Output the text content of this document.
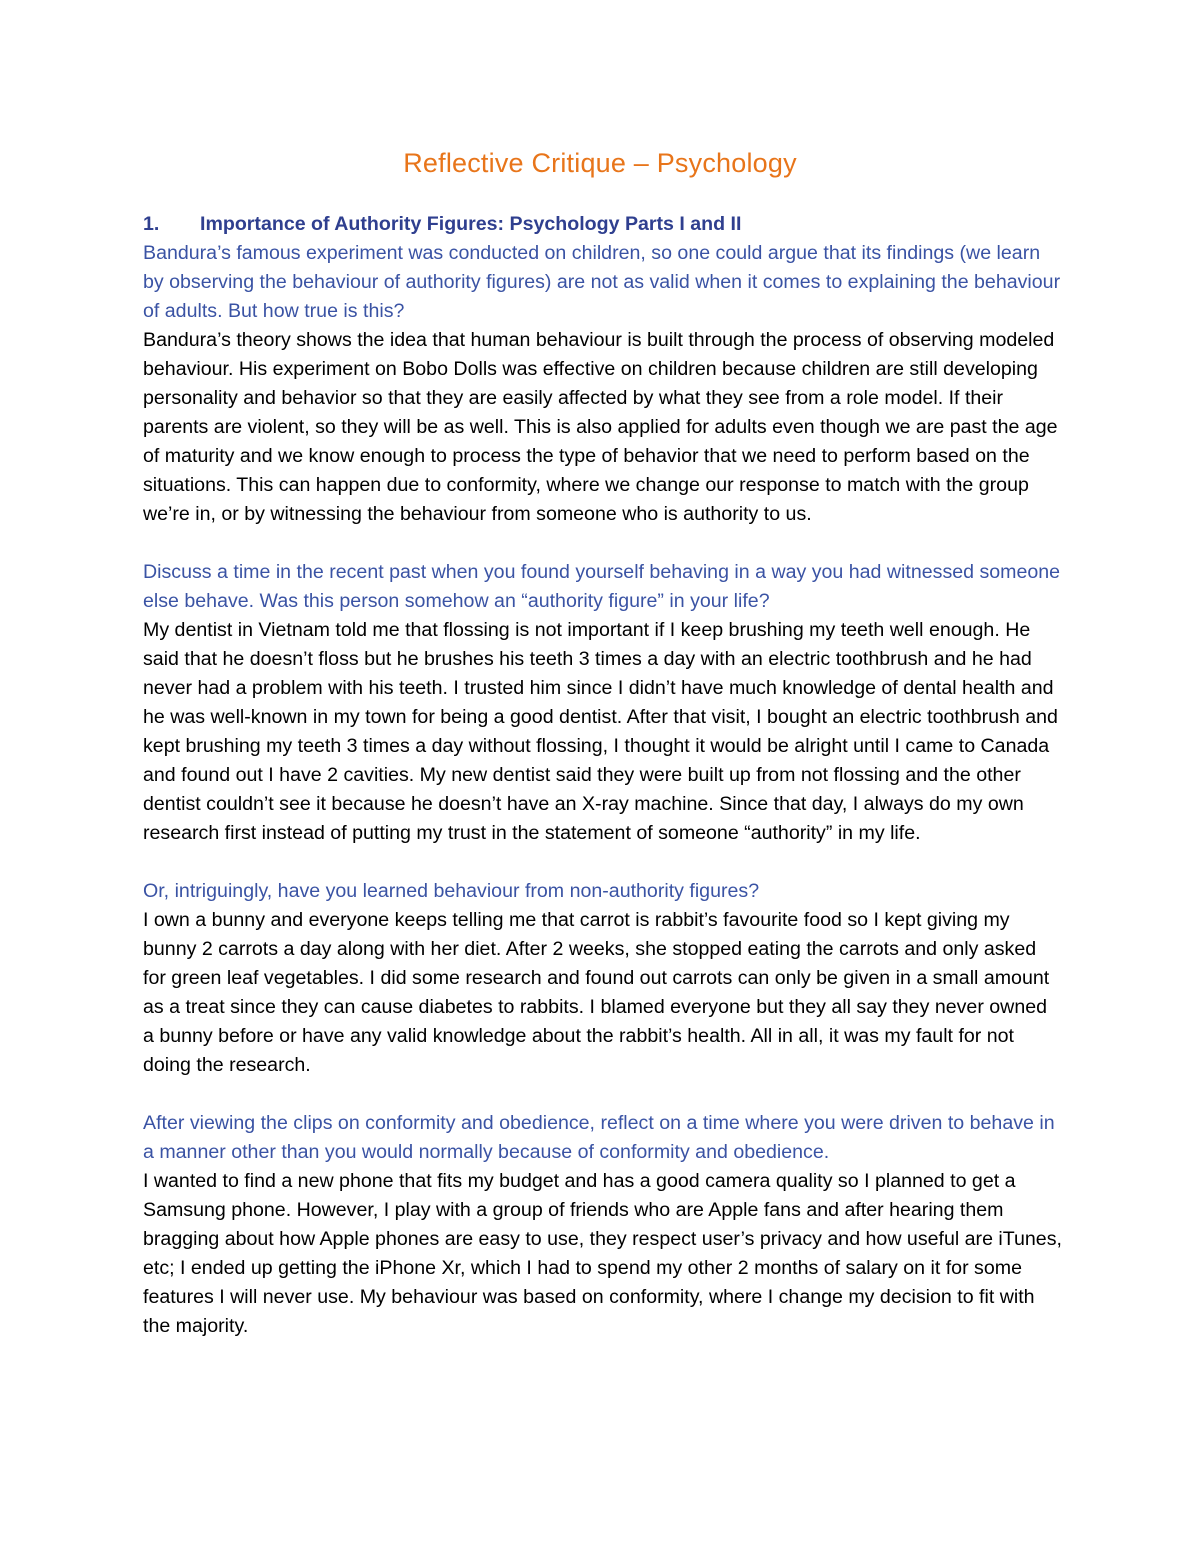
Reflective Critique – Psychology

1.	Importance of Authority Figures: Psychology Parts I and II

Bandura’s famous experiment was conducted on children, so one could argue that its findings (we learn by observing the behaviour of authority figures) are not as valid when it comes to explaining the behaviour of adults. But how true is this?

Bandura’s theory shows the idea that human behaviour is built through the process of observing modeled behaviour. His experiment on Bobo Dolls was effective on children because children are still developing personality and behavior so that they are easily affected by what they see from a role model. If their parents are violent, so they will be as well. This is also applied for adults even though we are past the age of maturity and we know enough to process the type of behavior that we need to perform based on the situations. This can happen due to conformity, where we change our response to match with the group we’re in, or by witnessing the behaviour from someone who is authority to us.

Discuss a time in the recent past when you found yourself behaving in a way you had witnessed someone else behave. Was this person somehow an “authority figure” in your life?

My dentist in Vietnam told me that flossing is not important if I keep brushing my teeth well enough. He said that he doesn’t floss but he brushes his teeth 3 times a day with an electric toothbrush and he had never had a problem with his teeth. I trusted him since I didn’t have much knowledge of dental health and he was well-known in my town for being a good dentist. After that visit, I bought an electric toothbrush and kept brushing my teeth 3 times a day without flossing, I thought it would be alright until I came to Canada and found out I have 2 cavities. My new dentist said they were built up from not flossing and the other dentist couldn’t see it because he doesn’t have an X-ray machine. Since that day, I always do my own research first instead of putting my trust in the statement of someone “authority” in my life.

Or, intriguingly, have you learned behaviour from non-authority figures?

I own a bunny and everyone keeps telling me that carrot is rabbit’s favourite food so I kept giving my bunny 2 carrots a day along with her diet. After 2 weeks, she stopped eating the carrots and only asked for green leaf vegetables. I did some research and found out carrots can only be given in a small amount as a treat since they can cause diabetes to rabbits. I blamed everyone but they all say they never owned a bunny before or have any valid knowledge about the rabbit’s health. All in all, it was my fault for not doing the research.

After viewing the clips on conformity and obedience, reflect on a time where you were driven to behave in a manner other than you would normally because of conformity and obedience.

I wanted to find a new phone that fits my budget and has a good camera quality so I planned to get a Samsung phone. However, I play with a group of friends who are Apple fans and after hearing them bragging about how Apple phones are easy to use, they respect user’s privacy and how useful are iTunes, etc; I ended up getting the iPhone Xr, which I had to spend my other 2 months of salary on it for some features I will never use. My behaviour was based on conformity, where I change my decision to fit with the majority.
